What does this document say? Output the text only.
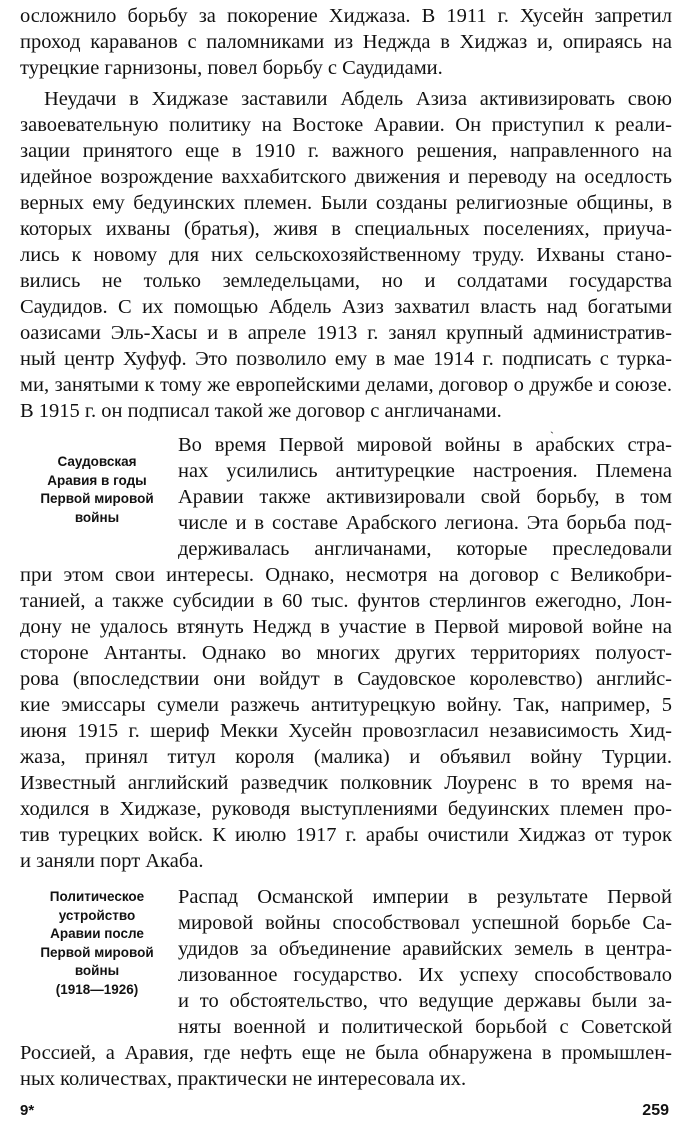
осложнило борьбу за покорение Хиджаза. В 1911 г. Хусейн запретил
проход караванов с паломниками из Неджда в Хиджаз и, опираясь на
турецкие гарнизоны, повел борьбу с Саудидами.
Неудачи в Хиджазе заставили Абдель Азиза активизировать свою
завоевательную политику на Востоке Аравии. Он приступил к реали-
зации принятого еще в 1910 г. важного решения, направленного на
идейное возрождение ваххабитского движения и переводу на оседлость
верных ему бедуинских племен. Были созданы религиозные общины, в
которых ихваны (братья), живя в специальных поселениях, приуча-
лись к новому для них сельскохозяйственному труду. Ихваны стано-
вились не только земледельцами, но и солдатами государства
Саудидов. С их помощью Абдель Азиз захватил власть над богатыми
оазисами Эль-Хасы и в апреле 1913 г. занял крупный административ-
ный центр Хуфуф. Это позволило ему в мае 1914 г. подписать с турка-
ми, занятыми к тому же европейскими делами, договор о дружбе и союзе.
В 1915 г. он подписал такой же договор с англичанами.
ˏ
Саудовская
Аравия в годы
Первой мировой
войны
Во время Первой мировой войны в арабских стра-
нах усилились антитурецкие настроения. Племена
Аравии также активизировали свой борьбу, в том
числе и в составе Арабского легиона. Эта борьба под-
держивалась англичанами, которые преследовали
при этом свои интересы. Однако, несмотря на договор с Великобри-
танией, а также субсидии в 60 тыс. фунтов стерлингов ежегодно, Лон-
дону не удалось втянуть Неджд в участие в Первой мировой войне на
стороне Антанты. Однако во многих других территориях полуост-
рова (впоследствии они войдут в Саудовское королевство) английс-
кие эмиссары сумели разжечь антитурецкую войну. Так, например, 5
июня 1915 г. шериф Мекки Хусейн провозгласил независимость Хид-
жаза, принял титул короля (малика) и объявил войну Турции.
Известный английский разведчик полковник Лоуренс в то время на-
ходился в Хиджазе, руководя выступлениями бедуинских племен про-
тив турецких войск. К июлю 1917 г. арабы очистили Хиджаз от турок
и заняли порт Акаба.
Политическое
устройство
Аравии после
Первой мировой
войны
(1918—1926)
Распад Османской империи в результате Первой
мировой войны способствовал успешной борьбе Са-
удидов за объединение аравийских земель в центра-
лизованное государство. Их успеху способствовало
и то обстоятельство, что ведущие державы были за-
няты военной и политической борьбой с Советской
Россией, а Аравия, где нефть еще не была обнаружена в промышлен-
ных количествах, практически не интересовала их.
9*	259
